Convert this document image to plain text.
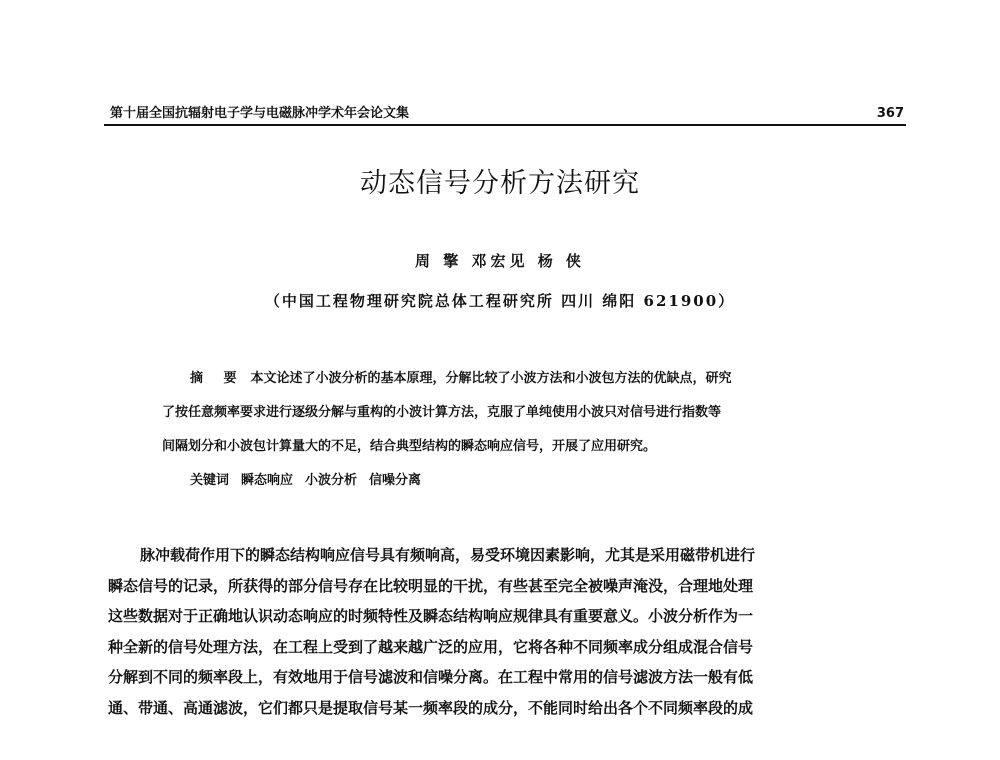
第十届全国抗辐射电子学与电磁脉冲学术年会论文集	367
动态信号分析方法研究
周 擎 邓宏见 杨 侠
（中国工程物理研究院总体工程研究所 四川 绵阳 621900）

摘 要 本文论述了小波分析的基本原理，分解比较了小波方法和小波包方法的优缺点，研究

了按任意频率要求进行逐级分解与重构的小波计算方法，克服了单纯使用小波只对信号进行指数等

间隔划分和小波包计算量大的不足，结合典型结构的瞬态响应信号，开展了应用研究。

关键词 瞬态响应 小波分析 信噪分离

脉冲载荷作用下的瞬态结构响应信号具有频响高，易受环境因素影响，尤其是采用磁带机进行

瞬态信号的记录，所获得的部分信号存在比较明显的干扰，有些甚至完全被噪声淹没，合理地处理

这些数据对于正确地认识动态响应的时频特性及瞬态结构响应规律具有重要意义。小波分析作为一

种全新的信号处理方法，在工程上受到了越来越广泛的应用，它将各种不同频率成分组成混合信号

分解到不同的频率段上，有效地用于信号滤波和信噪分离。在工程中常用的信号滤波方法一般有低

通、带通、高通滤波，它们都只是提取信号某一频率段的成分，不能同时给出各个不同频率段的成
